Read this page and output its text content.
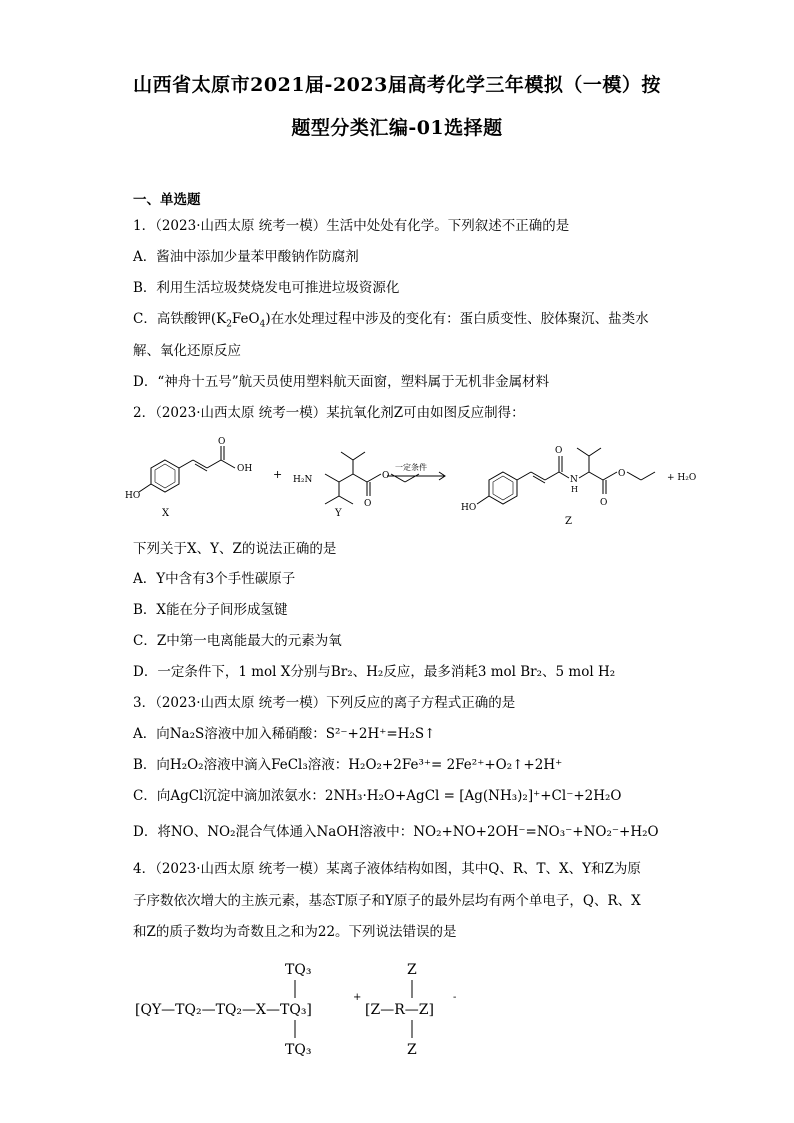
山西省太原市2021届-2023届高考化学三年模拟（一模）按
题型分类汇编-01选择题
一、单选题
1．（2023·山西太原 统考一模）生活中处处有化学。下列叙述不正确的是
A．酱油中添加少量苯甲酸钠作防腐剂
B．利用生活垃圾焚烧发电可推进垃圾资源化
C．高铁酸钾$(K_2FeO_4)$在水处理过程中涉及的变化有：蛋白质变性、胶体聚沉、盐类水
解、氧化还原反应
D．“神舟十五号”航天员使用塑料航天面窗，塑料属于无机非金属材料
2．（2023·山西太原 统考一模）某抗氧化剂Z可由如图反应制得：
OH
O
HO
X
+ H₂N
O
O
Y
一定条件
O
N
H
O
O
HO
Z
+ H₂O
下列关于X、Y、Z的说法正确的是
A．Y中含有3个手性碳原子
B．X能在分子间形成氢键
C．Z中第一电离能最大的元素为氧
D．一定条件下，1 mol X分别与Br₂、H₂反应，最多消耗3 mol Br₂、5 mol H₂
3．（2023·山西太原 统考一模）下列反应的离子方程式正确的是
A．向Na₂S溶液中加入稀硝酸：S²⁻+2H⁺=H₂S↑
B．向H₂O₂溶液中滴入FeCl₃溶液：H₂O₂+2Fe³⁺= 2Fe²⁺+O₂↑+2H⁺
C．向AgCl沉淀中滴加浓氨水：2NH₃·H₂O+AgCl = [Ag(NH₃)₂]⁺+Cl⁻+2H₂O
D．将NO、NO₂混合气体通入NaOH溶液中：NO₂+NO+2OH⁻=NO₃⁻+NO₂⁻+H₂O
4．（2023·山西太原 统考一模）某离子液体结构如图，其中Q、R、T、X、Y和Z为原
子序数依次增大的主族元素，基态T原子和Y原子的最外层均有两个单电子，Q、R、X
和Z的质子数均为奇数且之和为22。下列说法错误的是
[QY—TQ₂—TQ₂—X—TQ₃]
TQ₃
TQ₃
+
[Z—R—Z]
Z
Z
-
